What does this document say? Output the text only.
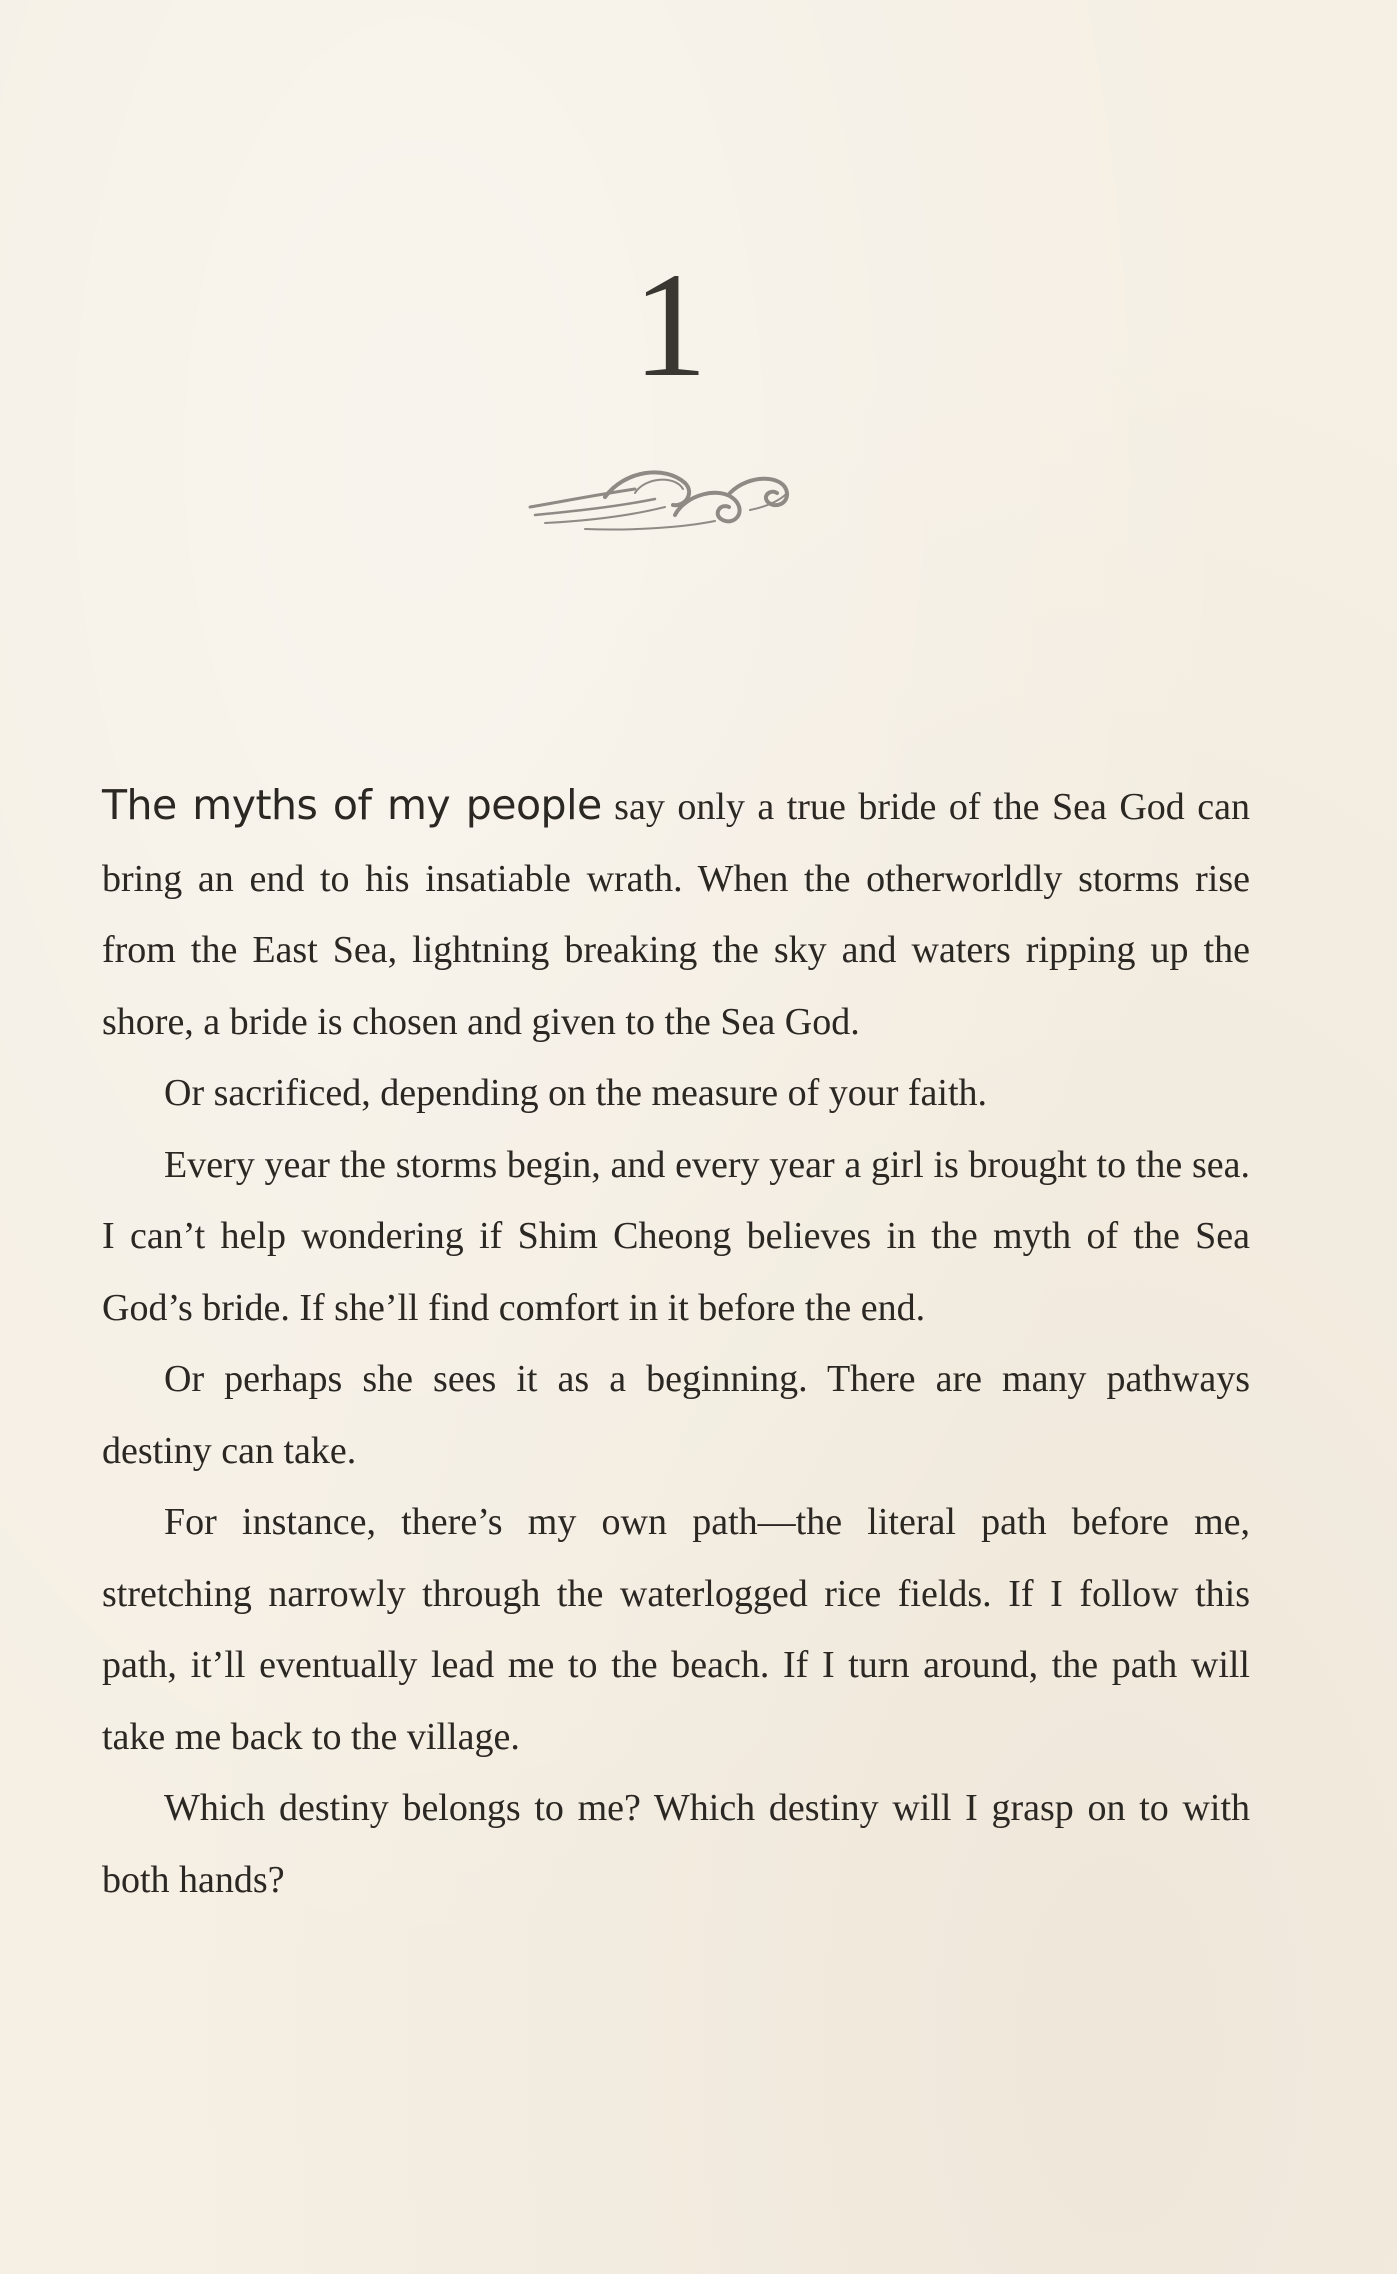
1

The myths of my people say only a true bride of the Sea God can bring an end to his insatiable wrath. When the otherworldly storms rise from the East Sea, lightning breaking the sky and waters ripping up the shore, a bride is chosen and given to the Sea God.

Or sacrificed, depending on the measure of your faith.

Every year the storms begin, and every year a girl is brought to the sea. I can’t help wondering if Shim Cheong believes in the myth of the Sea God’s bride. If she’ll find comfort in it before the end.

Or perhaps she sees it as a beginning. There are many pathways destiny can take.

For instance, there’s my own path—the literal path before me, stretching narrowly through the waterlogged rice fields. If I follow this path, it’ll eventually lead me to the beach. If I turn around, the path will take me back to the village.

Which destiny belongs to me? Which destiny will I grasp on to with both hands?
